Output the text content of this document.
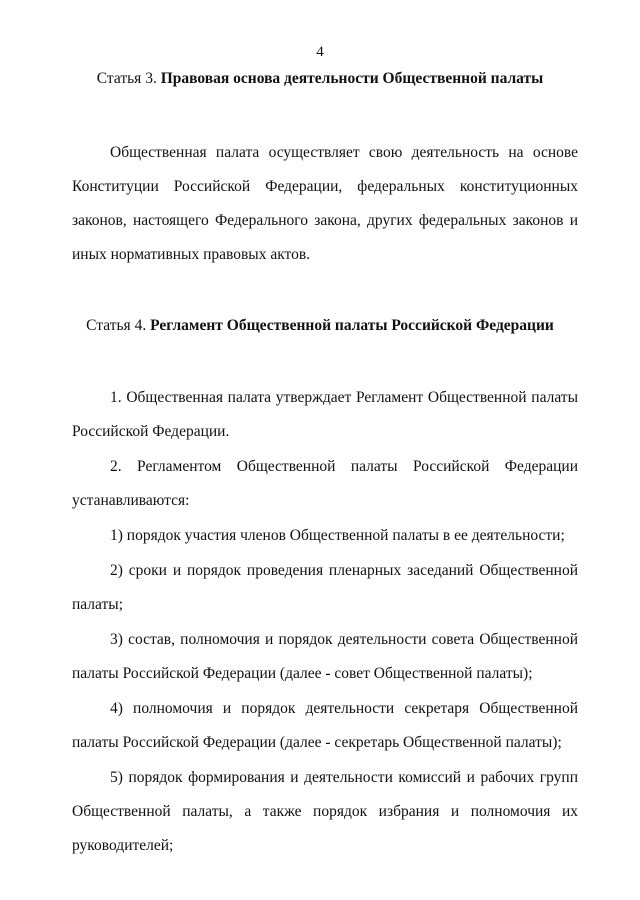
4
Статья 3. Правовая основа деятельности Общественной палаты

Общественная палата осуществляет свою деятельность на основе Конституции Российской Федерации, федеральных конституционных законов, настоящего Федерального закона, других федеральных законов и иных нормативных правовых актов.

Статья 4. Регламент Общественной палаты Российской Федерации

1. Общественная палата утверждает Регламент Общественной палаты Российской Федерации.

2. Регламентом Общественной палаты Российской Федерации устанавливаются:

1) порядок участия членов Общественной палаты в ее деятельности;

2) сроки и порядок проведения пленарных заседаний Общественной палаты;

3) состав, полномочия и порядок деятельности совета Общественной палаты Российской Федерации (далее - совет Общественной палаты);

4) полномочия и порядок деятельности секретаря Общественной палаты Российской Федерации (далее - секретарь Общественной палаты);

5) порядок формирования и деятельности комиссий и рабочих групп Общественной палаты, а также порядок избрания и полномочия их руководителей;
